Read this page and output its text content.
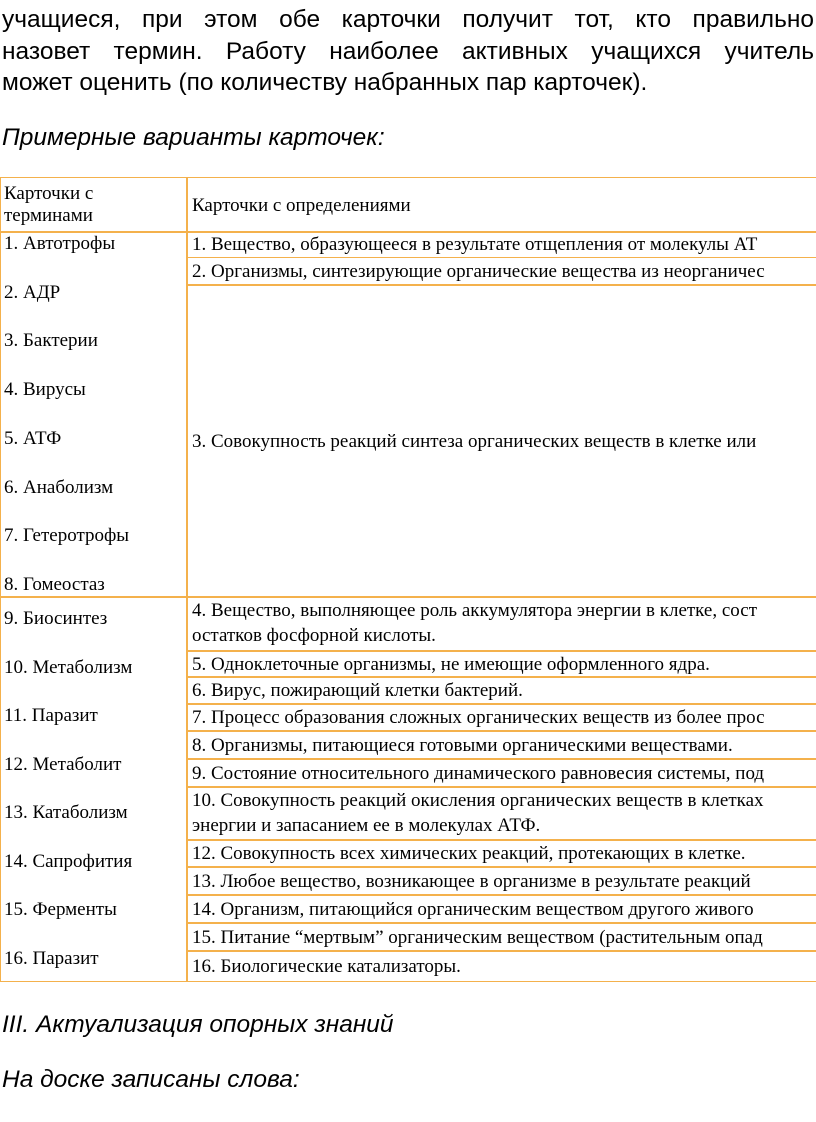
учащиеся, при этом обе карточки получит тот, кто правильно
назовет термин. Работу наиболее активных учащихся учитель
может оценить (по количеству набранных пар карточек).
Примерные варианты карточек:
Карточки с
терминами	Карточки с определениями
1. Автотрофы
2. АДР
3. Бактерии
4. Вирусы
5. АТФ
6. Анаболизм
7. Гетеротрофы
8. Гомеостаз
9. Биосинтез
10. Метаболизм
11. Паразит
12. Метаболит
13. Катаболизм
14. Сапрофития
15. Ферменты
16. Паразит
1. Вещество, образующееся в результате отщепления от молекулы АТ
2. Организмы, синтезирующие органические вещества из неорганичес
3. Совокупность реакций синтеза органических веществ в клетке или
4. Вещество, выполняющее роль аккумулятора энергии в клетке, сост
остатков фосфорной кислоты.
5. Одноклеточные организмы, не имеющие оформленного ядра.
6. Вирус, пожирающий клетки бактерий.
7. Процесс образования сложных органических веществ из более прос
8. Организмы, питающиеся готовыми органическими веществами.
9. Состояние относительного динамического равновесия системы, под
10. Совокупность реакций окисления органических веществ в клетках
энергии и запасанием ее в молекулах АТФ.
12. Совокупность всех химических реакций, протекающих в клетке.
13. Любое вещество, возникающее в организме в результате реакций
14. Организм, питающийся органическим веществом другого живого
15. Питание “мертвым” органическим веществом (растительным опад
16. Биологические катализаторы.
III. Актуализация опорных знаний
На доске записаны слова:
